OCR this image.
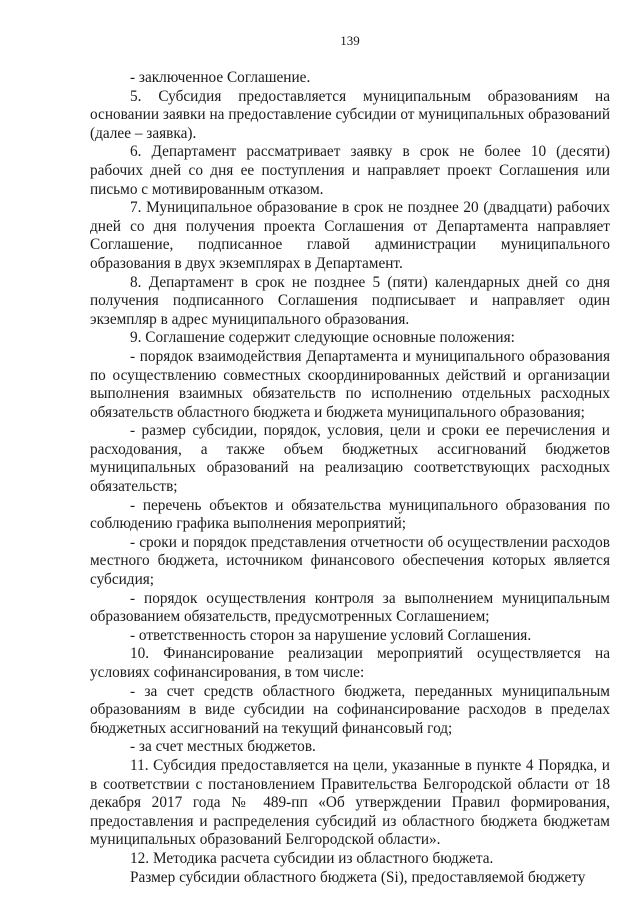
139

- заключенное Соглашение.

5. Субсидия предоставляется муниципальным образованиям на основании заявки на предоставление субсидии от муниципальных образований (далее – заявка).

6. Департамент рассматривает заявку в срок не более 10 (десяти) рабочих дней со дня ее поступления и направляет проект Соглашения или письмо с мотивированным отказом.

7. Муниципальное образование в срок не позднее 20 (двадцати) рабочих дней со дня получения проекта Соглашения от Департамента направляет Соглашение, подписанное главой администрации муниципального образования в двух экземплярах в Департамент.

8. Департамент в срок не позднее 5 (пяти) календарных дней со дня получения подписанного Соглашения подписывает и направляет один экземпляр в адрес муниципального образования.

9. Соглашение содержит следующие основные положения:

- порядок взаимодействия Департамента и муниципального образования по осуществлению совместных скоординированных действий и организации выполнения взаимных обязательств по исполнению отдельных расходных обязательств областного бюджета и бюджета муниципального образования;

- размер субсидии, порядок, условия, цели и сроки ее перечисления и расходования, а также объем бюджетных ассигнований бюджетов муниципальных образований на реализацию соответствующих расходных обязательств;

- перечень объектов и обязательства муниципального образования по соблюдению графика выполнения мероприятий;

- сроки и порядок представления отчетности об осуществлении расходов местного бюджета, источником финансового обеспечения которых является субсидия;

- порядок осуществления контроля за выполнением муниципальным образованием обязательств, предусмотренных Соглашением;

- ответственность сторон за нарушение условий Соглашения.

10. Финансирование реализации мероприятий осуществляется на условиях софинансирования, в том числе:

- за счет средств областного бюджета, переданных муниципальным образованиям в виде субсидии на софинансирование расходов в пределах бюджетных ассигнований на текущий финансовый год;

- за счет местных бюджетов.

11. Субсидия предоставляется на цели, указанные в пункте 4 Порядка, и в соответствии с постановлением Правительства Белгородской области от 18 декабря 2017 года № 489-пп «Об утверждении Правил формирования, предоставления и распределения субсидий из областного бюджета бюджетам муниципальных образований Белгородской области».

12. Методика расчета субсидии из областного бюджета.

Размер субсидии областного бюджета (Si), предоставляемой бюджету
